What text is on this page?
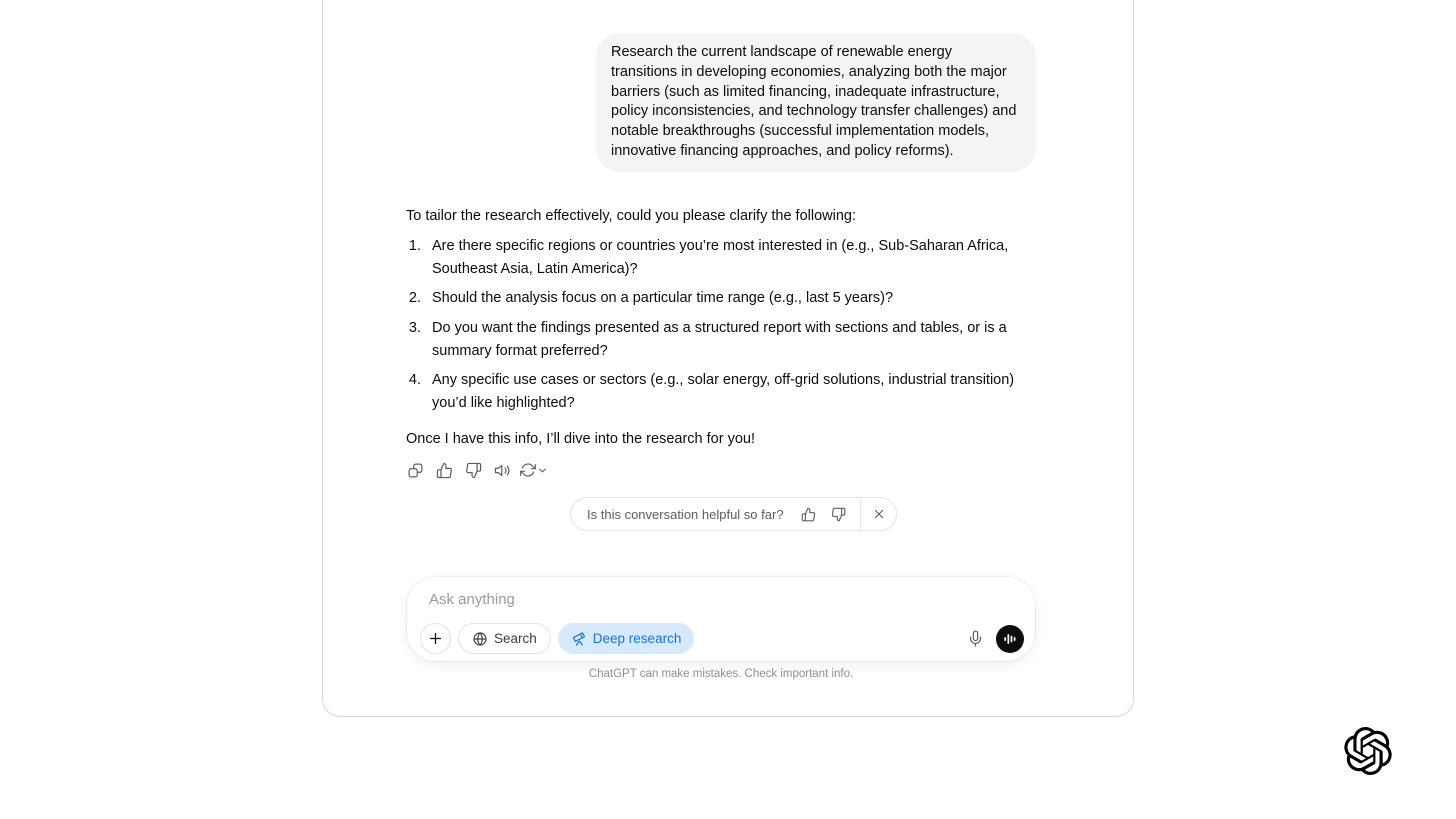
Research the current landscape of renewable energy transitions in developing economies, analyzing both the major barriers (such as limited financing, inadequate infrastructure, policy inconsistencies, and technology transfer challenges) and notable breakthroughs (successful implementation models, innovative financing approaches, and policy reforms).
To tailor the research effectively, could you please clarify the following:
1. Are there specific regions or countries you’re most interested in (e.g., Sub-Saharan Africa, Southeast Asia, Latin America)?
2. Should the analysis focus on a particular time range (e.g., last 5 years)?
3. Do you want the findings presented as a structured report with sections and tables, or is a summary format preferred?
4. Any specific use cases or sectors (e.g., solar energy, off-grid solutions, industrial transition) you’d like highlighted?
Once I have this info, I’ll dive into the research for you!
Is this conversation helpful so far?
Ask anything
Search	Deep research
ChatGPT can make mistakes. Check important info.
